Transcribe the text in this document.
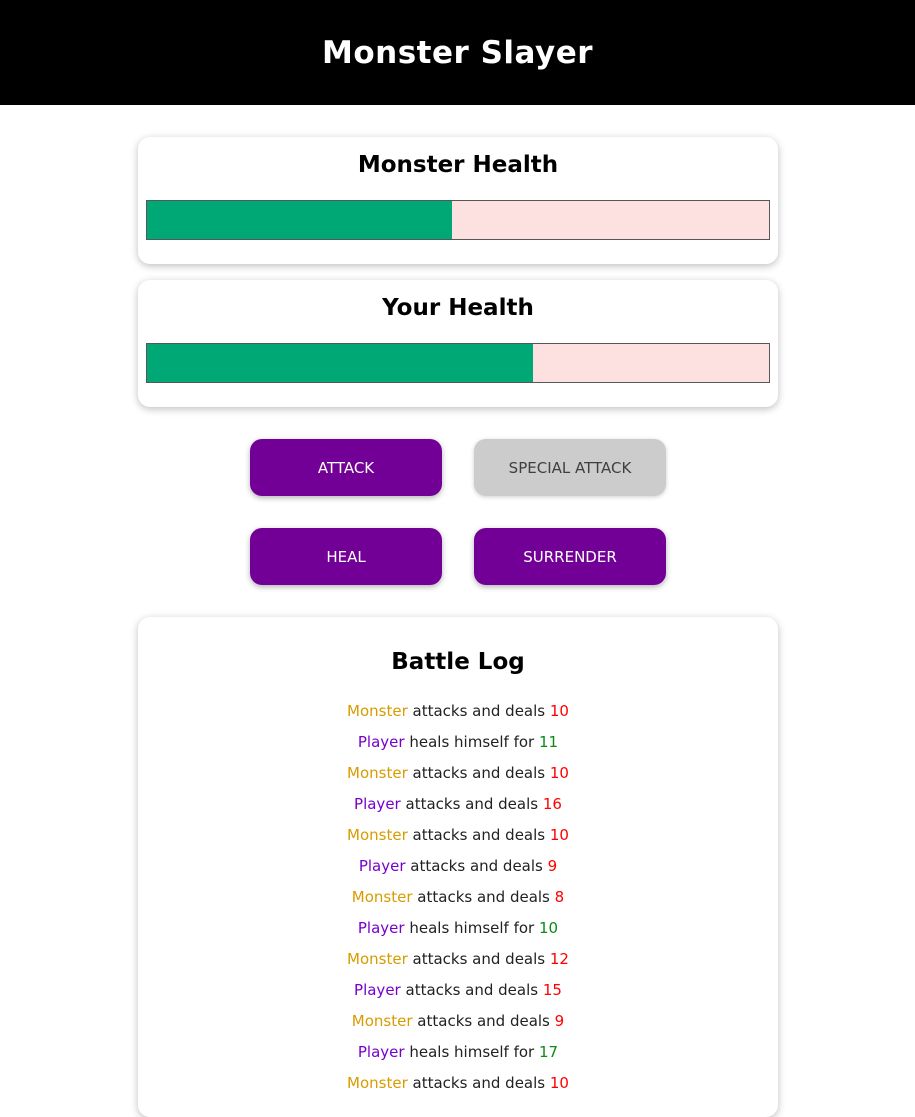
Monster Slayer
Monster Health
Your Health
ATTACK	SPECIAL ATTACK
HEAL	SURRENDER
Battle Log
Monster attacks and deals 10
Player heals himself for 11
Monster attacks and deals 10
Player attacks and deals 16
Monster attacks and deals 10
Player attacks and deals 9
Monster attacks and deals 8
Player heals himself for 10
Monster attacks and deals 12
Player attacks and deals 15
Monster attacks and deals 9
Player heals himself for 17
Monster attacks and deals 10
